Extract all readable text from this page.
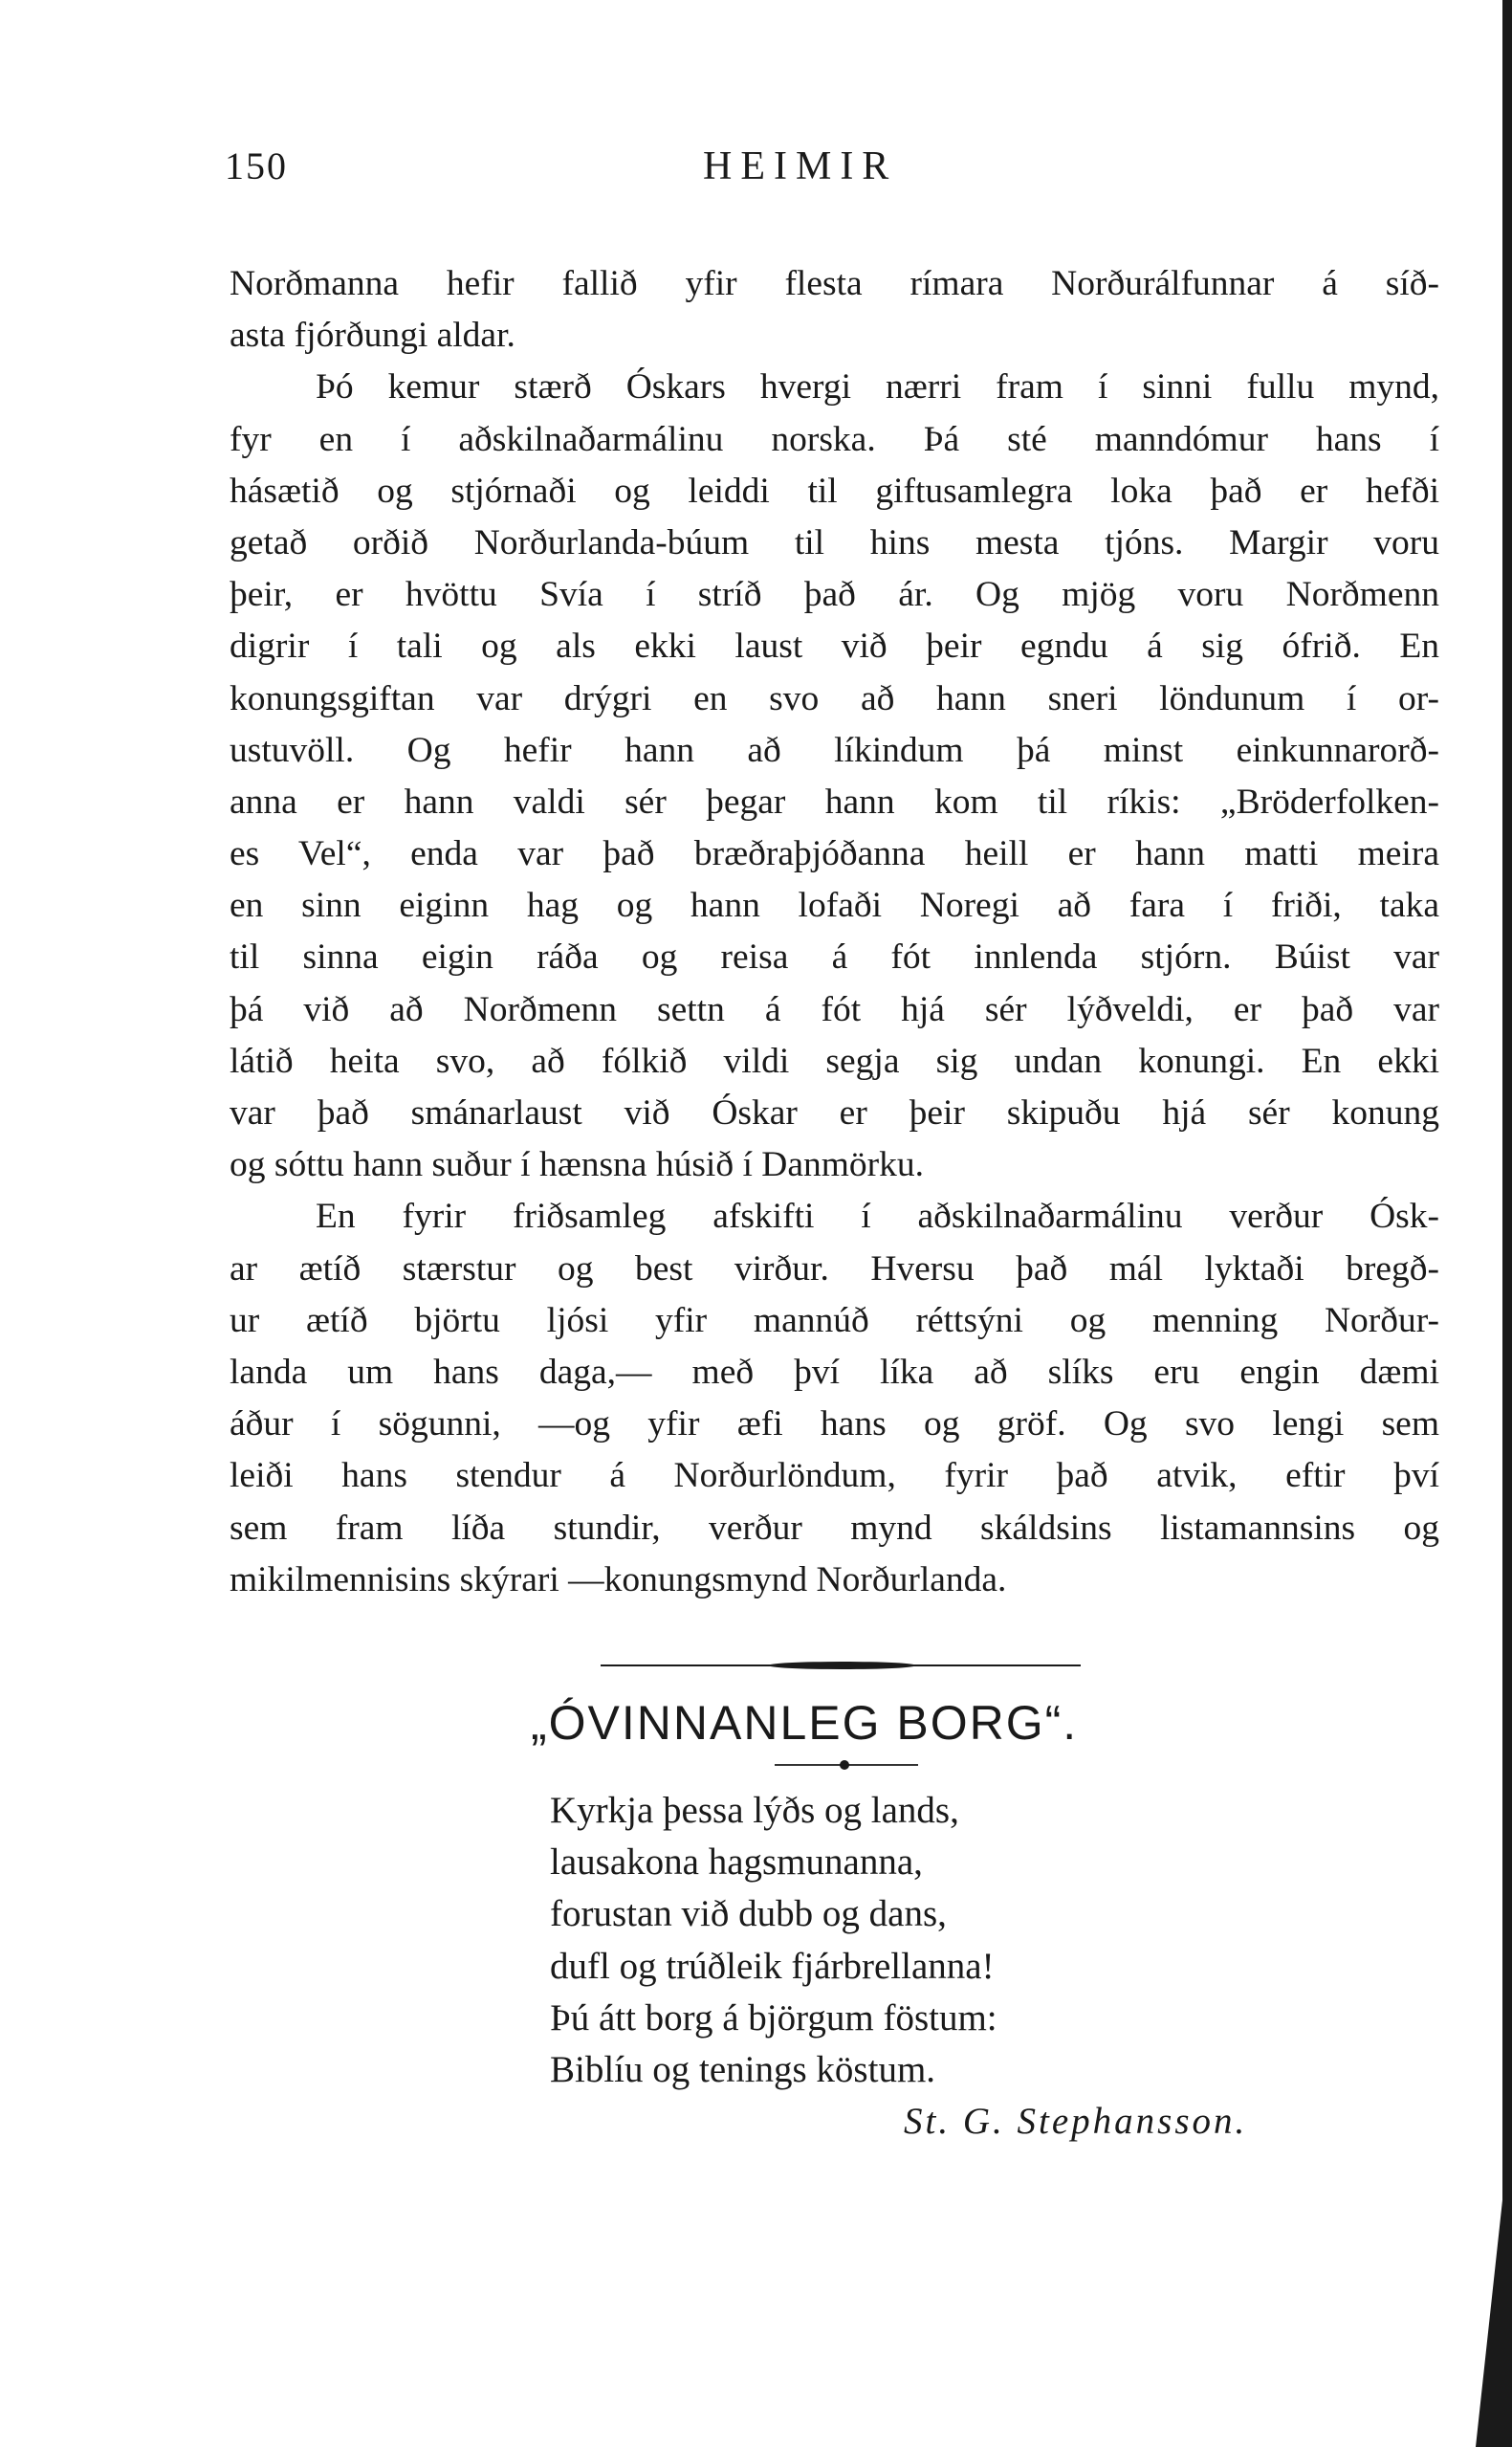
150	HEIMIR
Norðmanna hefir fallið yfir flesta rímara Norðurálfunnar á síð-
asta fjórðungi aldar.
Þó kemur stærð Óskars hvergi nærri fram í sinni fullu mynd,
fyr en í aðskilnaðarmálinu norska. Þá sté manndómur hans í
hásætið og stjórnaði og leiddi til giftusamlegra loka það er hefði
getað orðið Norðurlanda-búum til hins mesta tjóns. Margir voru
þeir, er hvöttu Svía í stríð það ár. Og mjög voru Norðmenn
digrir í tali og als ekki laust við þeir egndu á sig ófrið. En
konungsgiftan var drýgri en svo að hann sneri löndunum í or-
ustuvöll. Og hefir hann að líkindum þá minst einkunnarorð-
anna er hann valdi sér þegar hann kom til ríkis: „Bröderfolken-
es Vel“, enda var það bræðraþjóðanna heill er hann matti meira
en sinn eiginn hag og hann lofaði Noregi að fara í friði, taka
til sinna eigin ráða og reisa á fót innlenda stjórn. Búist var
þá við að Norðmenn settn á fót hjá sér lýðveldi, er það var
látið heita svo, að fólkið vildi segja sig undan konungi. En ekki
var það smánarlaust við Óskar er þeir skipuðu hjá sér konung
og sóttu hann suður í hænsna húsið í Danmörku.
En fyrir friðsamleg afskifti í aðskilnaðarmálinu verður Ósk-
ar ætíð stærstur og best virður. Hversu það mál lyktaði bregð-
ur ætíð björtu ljósi yfir mannúð réttsýni og menning Norður-
landa um hans daga,— með því líka að slíks eru engin dæmi
áður í sögunni, —og yfir æfi hans og gröf. Og svo lengi sem
leiði hans stendur á Norðurlöndum, fyrir það atvik, eftir því
sem fram líða stundir, verður mynd skáldsins listamannsins og
mikilmennisins skýrari —konungsmynd Norðurlanda.
„ÓVINNANLEG BORG“.
Kyrkja þessa lýðs og lands,
lausakona hagsmunanna,
forustan við dubb og dans,
dufl og trúðleik fjárbrellanna!
Þú átt borg á björgum föstum:
Biblíu og tenings köstum.
St. G. Stephansson.
